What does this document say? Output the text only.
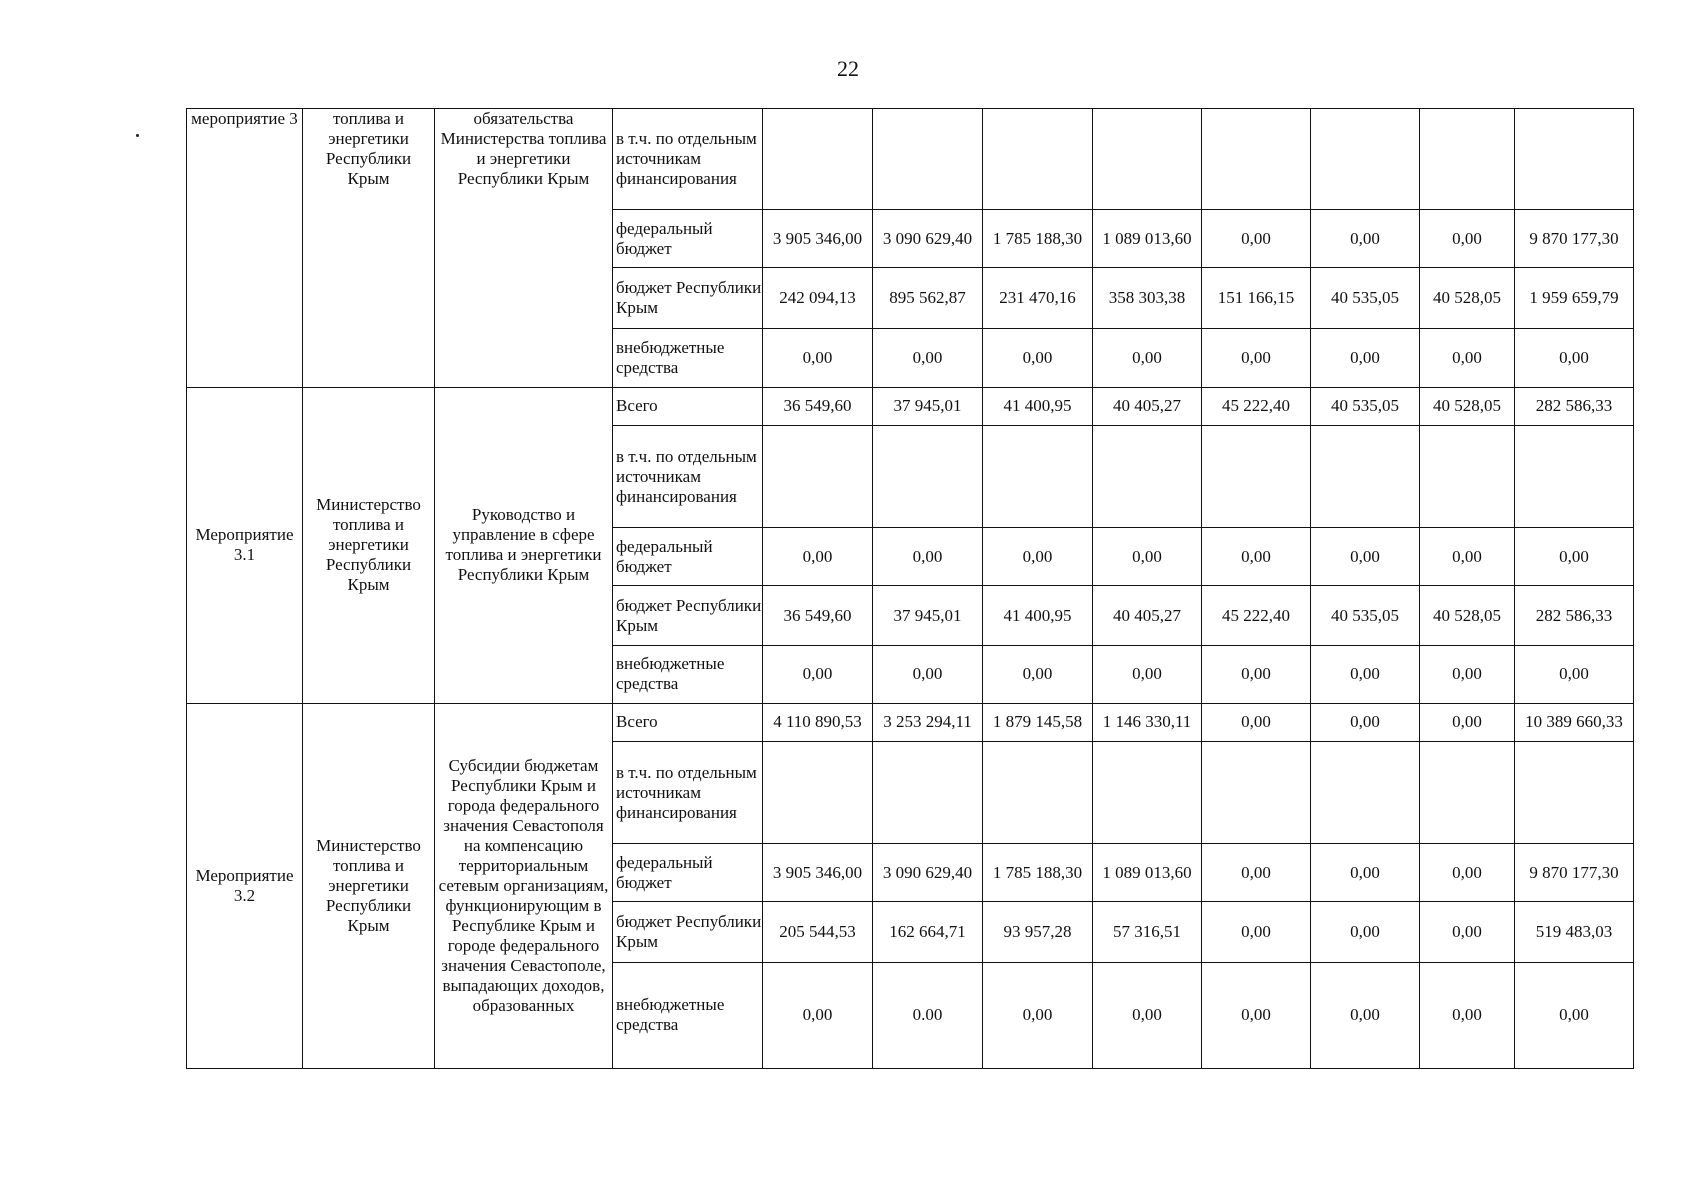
22
мероприятие 3	топлива и энергетики Республики Крым	обязательства Министерства топлива и энергетики Республики Крым	в т.ч. по отдельным источникам финансирования								
			федеральный бюджет	3 905 346,00	3 090 629,40	1 785 188,30	1 089 013,60	0,00	0,00	0,00	9 870 177,30
			бюджет Республики Крым	242 094,13	895 562,87	231 470,16	358 303,38	151 166,15	40 535,05	40 528,05	1 959 659,79
			внебюджетные средства	0,00	0,00	0,00	0,00	0,00	0,00	0,00	0,00
Мероприятие 3.1	Министерство топлива и энергетики Республики Крым	Руководство и управление в сфере топлива и энергетики Республики Крым	Всего	36 549,60	37 945,01	41 400,95	40 405,27	45 222,40	40 535,05	40 528,05	282 586,33
			в т.ч. по отдельным источникам финансирования								
			федеральный бюджет	0,00	0,00	0,00	0,00	0,00	0,00	0,00	0,00
			бюджет Республики Крым	36 549,60	37 945,01	41 400,95	40 405,27	45 222,40	40 535,05	40 528,05	282 586,33
			внебюджетные средства	0,00	0,00	0,00	0,00	0,00	0,00	0,00	0,00
Мероприятие 3.2	Министерство топлива и энергетики Республики Крым	Субсидии бюджетам Республики Крым и города федерального значения Севастополя на компенсацию территориальным сетевым организациям, функционирующим в Республике Крым и городе федерального значения Севастополе, выпадающих доходов, образованных	Всего	4 110 890,53	3 253 294,11	1 879 145,58	1 146 330,11	0,00	0,00	0,00	10 389 660,33
			в т.ч. по отдельным источникам финансирования								
			федеральный бюджет	3 905 346,00	3 090 629,40	1 785 188,30	1 089 013,60	0,00	0,00	0,00	9 870 177,30
			бюджет Республики Крым	205 544,53	162 664,71	93 957,28	57 316,51	0,00	0,00	0,00	519 483,03
			внебюджетные средства	0,00	0.00	0,00	0,00	0,00	0,00	0,00	0,00
